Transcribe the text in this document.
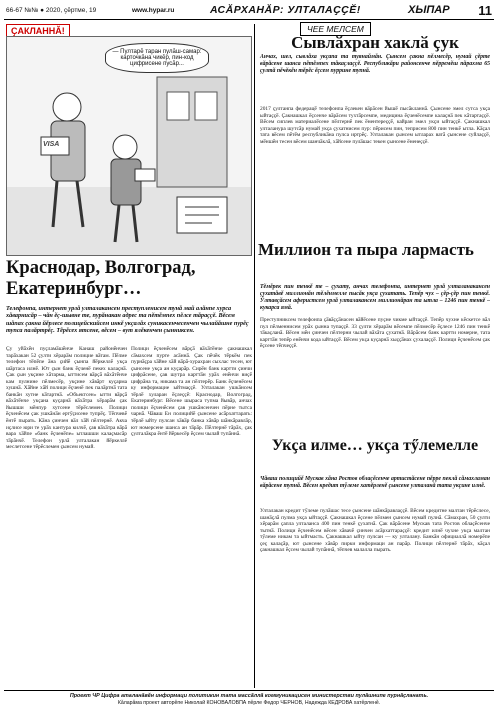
66-67 №№ ● 2020, ҫӗртме, 19	www.hypar.ru	АСӐРХАНӐР: УЛТАЛАҪҪӖ!	ХЫПАР 11
ҪАКЛАННӐ!
— Пултарӗ таран пулӑш-самар: карточкӑна чикӗр, пин-код цифрисене пусӑр...
VISA
Краснодар, Волгоград, Екатеринбург…
Телефонпа, интернет урлӑ улталакансен преступленисем тунӑ май алӑнпе хурса хӑварнисӑр – чӑн ӗҫ-шывне те, пурӑнакан адрес та пӗтӗмпех пӗлсе тӑраҫҫӗ. Вӗсем шӑпах ҫакна йӗрлесе полицейскийсем инкӗ укҫалӑх суникасенчесенчен чылайӑшне пурӗҫ тупса палӑртрӗҫ. Тӗрӗсех ятсене, вӗсем – вут ялӗкенчен ҫынниксен.
Ҫу уйӑхӗн пуҫламӑшӗнче Канаш районӗнчен тарӑхакан 52 ҫулти хӗрарӑм полицие вӑтам. Пӗлме телефон тӗпӗпе ӑна ҫийӗ ҫынпа йӗркеллӗ укҫа шӑртаса илнӗ. Ют ҫын банк ӗҫченӗ пекех калаҫнӑ. Ҫак ҫын укҫине хӑтарма, ыттисем вӑрҫӑ вӑхӑтӗнче кам пулнине пӗлмесӗр, укҫине хӑвӑрт куҫарма хушнӑ. Хӑйне хӑй полици ӗҫченӗ пек палӑртнӑ тата банкӑн хутне кӑтартнӑ. «Объектсен» ытти вӑрҫӑ вӑхӑтӗнче укҫана куҫарнӑ вӑхӑтра хӗрарӑм ҫак йышши мӗнпур хутсене тӗрӗслемен. Полици ӗҫченӗсем ҫак ушкӑнӑн ертӳҫисене тупрӗҫ. Тӗпчевӗ ӗнтӗ пырать. Кӑна ҫинчен вӑл хӑй пӗлтернӗ. Акча иҫлисе юри те урӑх кантура килчӗ, ҫав вӑхӑтра вӑрӑ вара хӑйпе «банк ӗҫченӗпе» ытлашши калаҫмасӑр тӑрӑнчӗ. Телефон урлӑ улталакан йӗркеллӗ меслетсене тӗрӗслемен ҫынсем нумай.
Полици ӗҫченӗсем вӑрҫӑ вӑхӑтӗнче ҫакнашкал сӑмахсем пурте асӑннӑ. Ҫак пӗчӗк тӗркӗм пек пурнӑҫра хӑйне хӑй вӑрӑ-хурахран сыхлас тесен, ют ҫынсене укҫа ан куҫарӑр. Сирӗн банк картти ҫинчи цифрӑсене, ҫав шутра карттӑн урӑх енӗнчи виҫӗ цифрӑна та, никама та ан пӗлтерӗр. Банк ӗҫченӗсем ку информацие ыйтмаҫҫӗ. Улталакан ушкӑнсем тӗрлӗ хуларан ӗҫлеҫҫӗ: Краснодар, Волгоград, Екатеринбург. Вӗсене шыраса тупма йывӑр, анчах полици ӗҫченӗсем ҫав ушкӑнсенчен пӗрне тытса чарнӑ. Чӑваш Ен полицийӗ ҫынсене асӑрхаттарать: тӗрлӗ ыйту пулсан хӑвӑр банка хӑвӑр шӑнкӑравлӑр, ют номерсене шанса ан тӑрӑр. Пӗлтернӗ тӑрӑх, ҫак ҫулталӑкра ӗнтӗ йӗркесӗр ӗҫсем чылай тупӑннӑ.
ЧЕЕ МЕЛСЕМ
Сывлӑхран хаклӑ ҫук
Анчах, шел, сывлӑха укҫапа та туянаймӑн. Ҫынсем ҫакна пӗлмесӗр, нумай ҫӗрте вӑрӑсене шанса пӗтӗмпех тӑкаҫлаҫҫӗ. Республикӑри районсенче пӗрремӗш пӑрахма 65 ҫултӑ пӗчӗкӗн тӗрӗс ӗҫсем пуррине тупнӑ.
2017 ҫултанпа федерацӗ телефонпа ӗҫлекен вӑрӑсен йышӗ пысӑкланнӑ. Ҫынсене эмел сутса укҫа ыйтаҫҫӗ. Ҫакнашкал ӗҫсенче вӑрӑсем тухтӑрсемпе, медицина ӗҫченӗсемпе калаҫнӑ пек кӑтартаҫҫӗ. Вӗсем сиплев материалӗсене пӗлтернӗ пек ӗнентереҫҫӗ, кайран эмел укҫи ыйтаҫҫӗ. Ҫакнашкал улталанура шутсӑр нумай укҫа ҫухатнисем пур: пӗрисем пин, теприсем 800 пин тенкӗ ытла. Кӑҫал тата вӗсем пӗтӗм республикӑна пулса иртрӗҫ. Улталакан ҫынсем ытларах ватӑ ҫынсене суйлаҫҫӗ, мӗншӗн тесен вӗсем шанчӑклӑ, хӑйсене пулӑшас текен ҫынсене ӗненеҫҫӗ.
Миллион та пыра лармасть
Тӗмӗрек пин тенкӗ те – ҫухату, анчах телефонпа, интернет урлӑ улталанакансен ҫухатӑвӗ миллионӑн тӗлӗнмелле пысӑк укҫа ҫухатать. Тепӗр чух – ҫӗр-ҫӗр пин тенкӗ. Ӳлтавҫӑсем аферистсем урлӑ улталакансем миллионӑран та ытла – 1246 пин тенкӗ – кукарса ямӑ.
Преступниксем телефонпа ҫӑвӑҫҫӑнасен вӑйӗсене пуҫне чикме ыйтаҫҫӗ. Тепӗр чухне кӗскетсе вӑл пул пӗлменнисем урӑх ҫынна тупаҫҫӗ. 33 ҫулти хӗрарӑм вӗсемпе пӗлмесӗр ӗҫлесе 1246 пин тенкӗ тӑкаҫланӑ. Вӗсен мӗн ҫинчен пӗлтерни чылай вӑхӑта ҫухатнӑ. Вӑрӑсем банк картти номерне, тата карттӑн тепӗр енӗнчи кода ыйтаҫҫӗ. Вӗсем укҫа куҫарнӑ хыҫҫӑнах ҫухалаҫҫӗ. Полици ӗҫченӗсем ҫак ӗҫсене тӗпчеҫҫӗ.
Укҫа илме… укҫа тӳлемелле
Чӑваш полицийӗ Мускав хӑна Ростов облаҫӗсенче артистӑсене пӗрре пеклӑ сӑмахламан вӑрӑсене тупнӑ. Вӗсем кредит тӳлеме хатӗрленӗ ҫынсене улталанӑ тата укҫине илнӗ.
Улталакан кредит тӳлеме пулӑшас тесе ҫынсене шӑнкӑравлаҫҫӗ. Вӗсем кредитне малтан тӗрӗслесе, шанӑҫлӑ пулма укҫа ыйтаҫҫӗ. Ҫакнашкал ӗҫсене пӗлмен ҫынсем нумай пулнӑ. Сӑмахран, 50 ҫулти хӗрарӑм ҫапла улталанса 400 пин тенкӗ ҫухатнӑ. Ҫак вӑрӑсене Мускав тата Ростов облаҫӗсенче тытнӑ. Полици ӗҫченӗсем вӗсен хӑвачӗ ҫинчен асӑрхаттараҫҫӗ: кредит илнӗ чухне укҫа малтан тӳлеме никам та ыйтмасть. Ҫакнашкал ыйту пулсан — ку улталану. Банкӑн официаллӑ номерӗпе ҫеҫ калаҫӑр, ют ҫынсене хӑвӑр пирки информаци ан парӑр. Полици пӗлтернӗ тӑрӑх, кӑҫал ҫакнашкал ӗҫсем чылай тупӑннӑ, тӗпчев малалла пырать.
Проект ЧР Цифра аталанӑвӗн информаци политикин тата массӑллӑ коммуникацисен министерстви пулӑшнипе пурнӑҫланать.
Кӑларӑма проект авторӗпе Николай КОНОВАЛОВПА пӗрле Федор ЧЕРНОВ, Надежда КЕДРОВА хатӗрленӗ.
